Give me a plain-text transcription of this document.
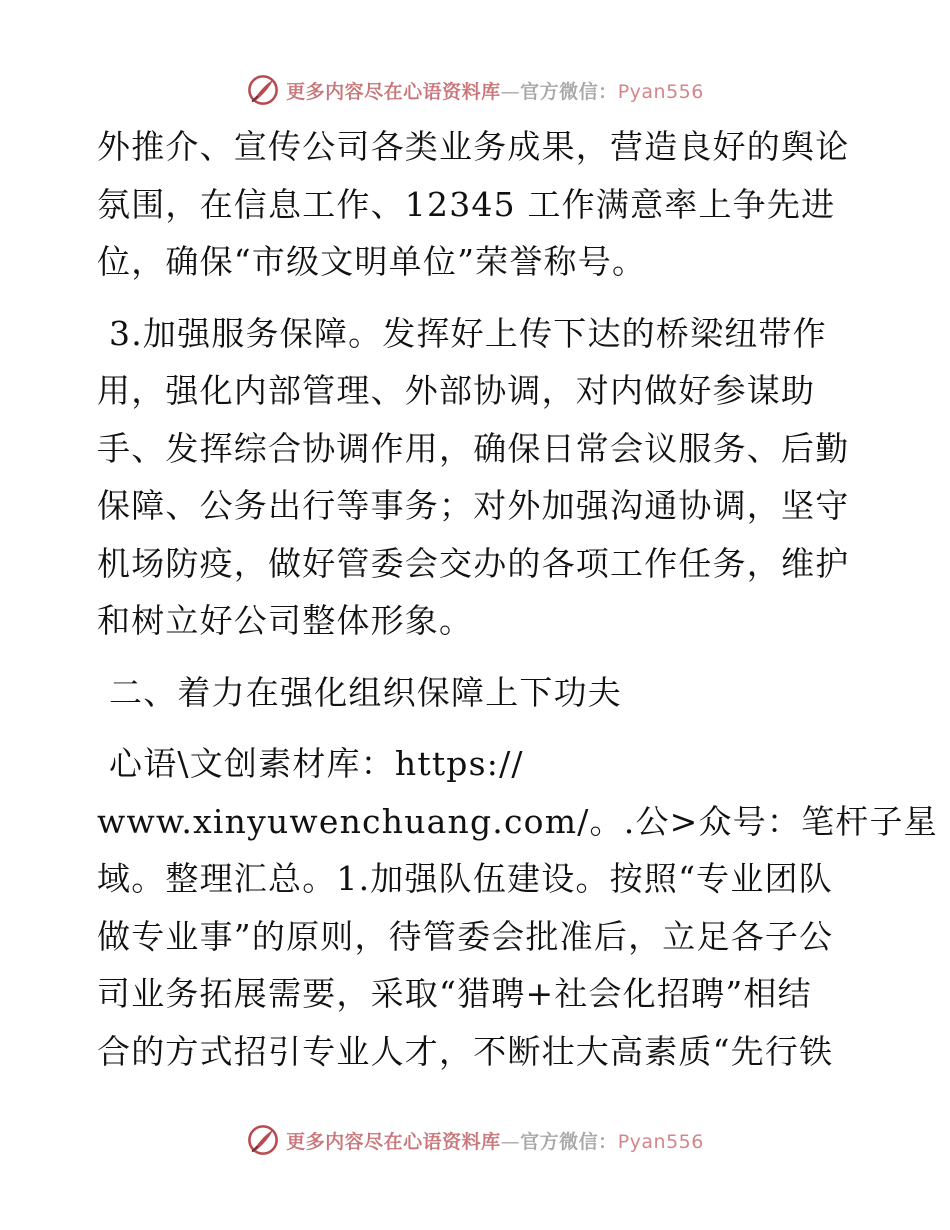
更多内容尽在心语资料库—官方微信：Pyan556
外推介、宣传公司各类业务成果，营造良好的舆论
氛围，在信息工作、12345 工作满意率上争先进
位，确保“市级文明单位”荣誉称号。
3.加强服务保障。发挥好上传下达的桥梁纽带作
用，强化内部管理、外部协调，对内做好参谋助
手、发挥综合协调作用，确保日常会议服务、后勤
保障、公务出行等事务；对外加强沟通协调，坚守
机场防疫，做好管委会交办的各项工作任务，维护
和树立好公司整体形象。
二、着力在强化组织保障上下功夫
心语\文创素材库：https://
www.xinyuwenchuang.com/。.公>众号：笔杆子星
域。整理汇总。1.加强队伍建设。按照“专业团队
做专业事”的原则，待管委会批准后，立足各子公
司业务拓展需要，采取“猎聘+社会化招聘”相结
合的方式招引专业人才，不断壮大高素质“先行铁
更多内容尽在心语资料库—官方微信：Pyan556
